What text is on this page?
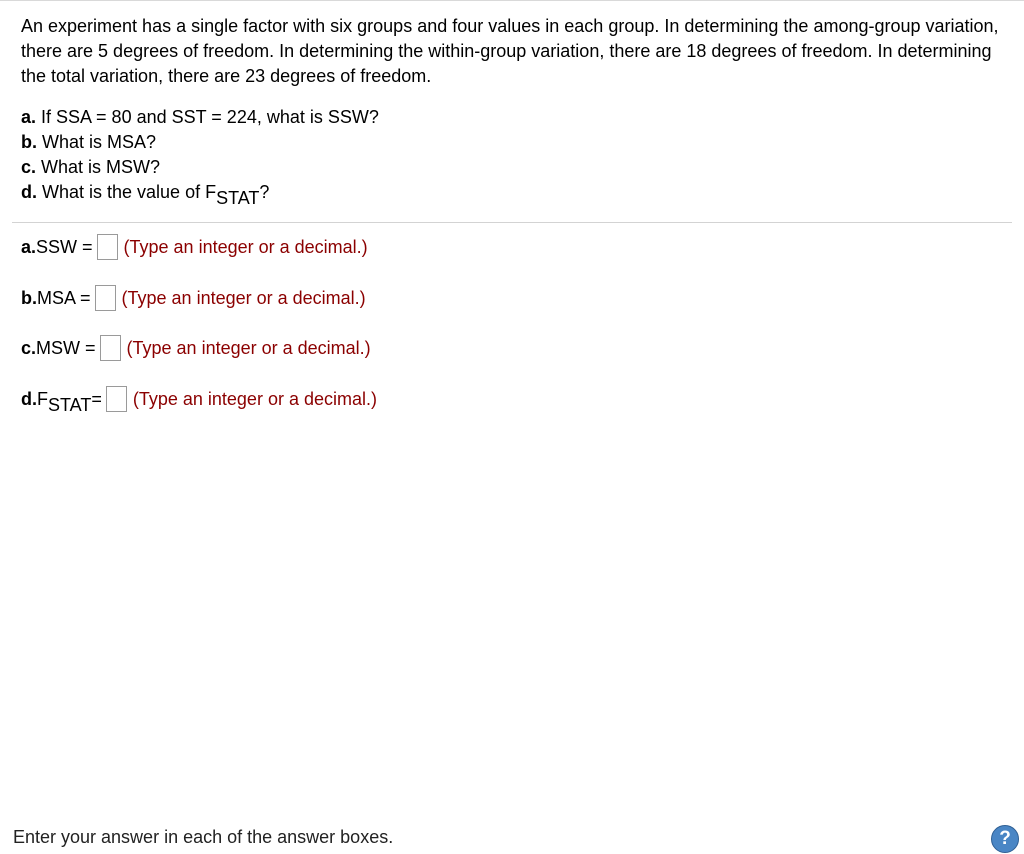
An experiment has a single factor with six groups and four values in each group. In determining the among-group variation, there are 5 degrees of freedom. In determining the within-group variation, there are 18 degrees of freedom. In determining the total variation, there are 23 degrees of freedom.

a. If SSA = 80 and SST = 224, what is SSW?
b. What is MSA?
c. What is MSW?
d. What is the value of FSTAT?
a. SSW = (Type an integer or a decimal.)
b. MSA = (Type an integer or a decimal.)
c. MSW = (Type an integer or a decimal.)
d. F STAT = (Type an integer or a decimal.)
Enter your answer in each of the answer boxes.	?
